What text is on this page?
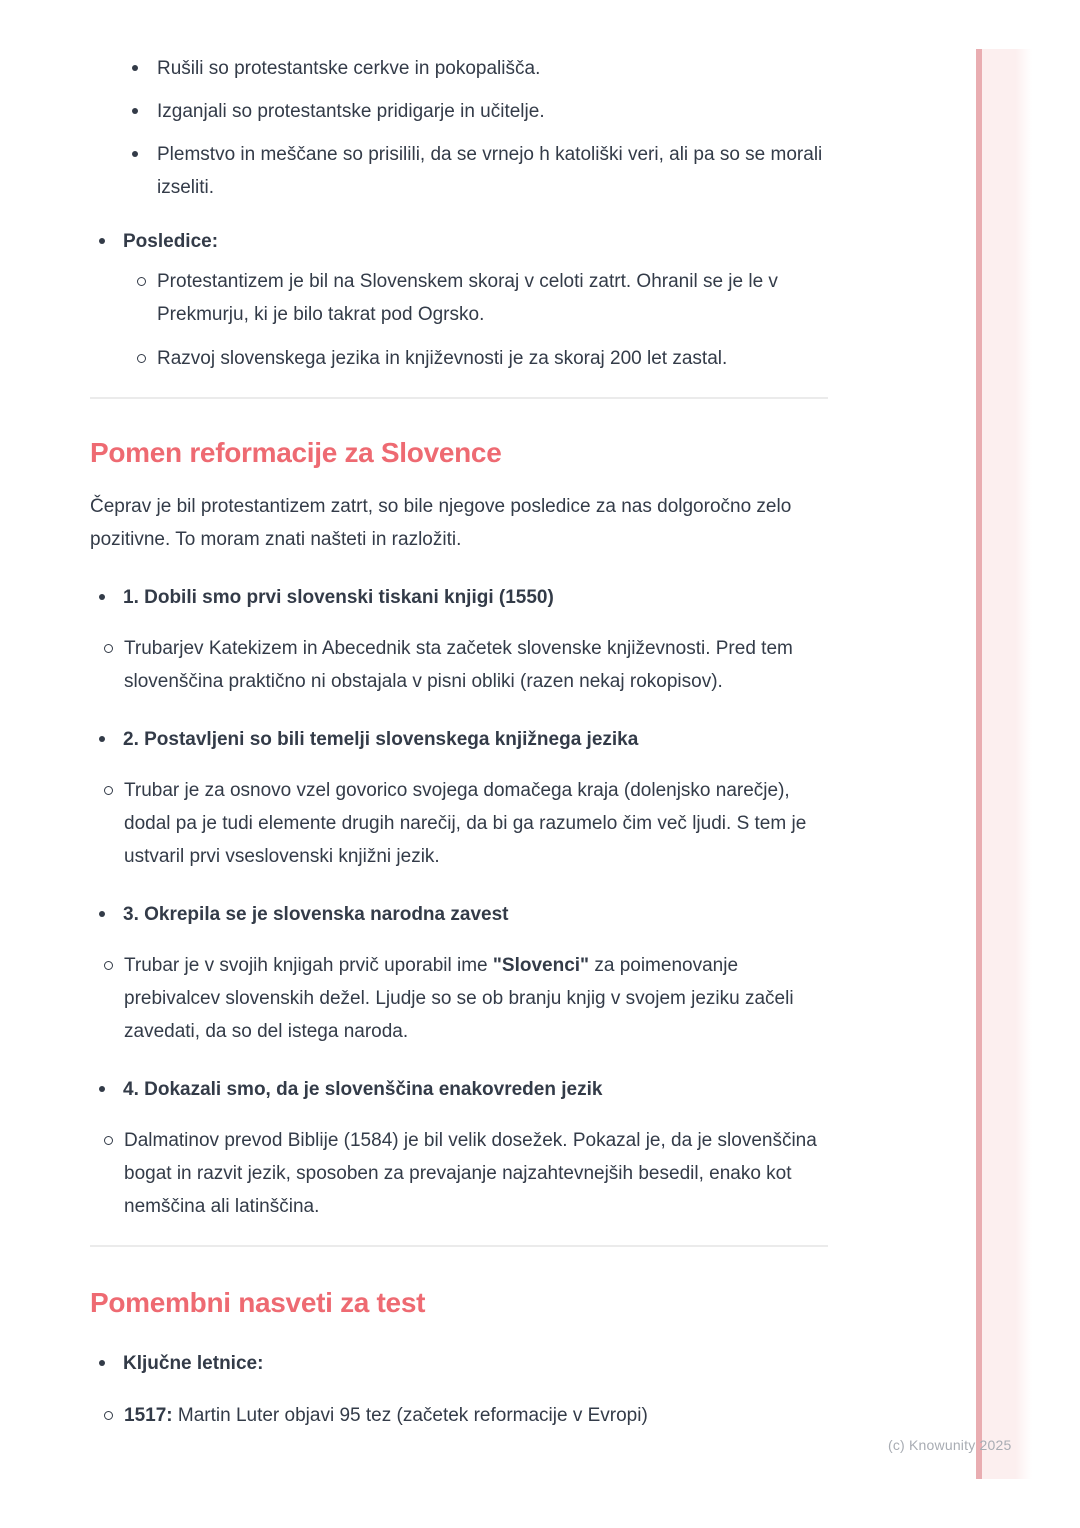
(c) Knowunity 2025
Rušili so protestantske cerkve in pokopališča.
Izganjali so protestantske pridigarje in učitelje.
Plemstvo in meščane so prisilili, da se vrnejo h katoliški veri, ali pa so se morali izseliti.
Posledice:
Protestantizem je bil na Slovenskem skoraj v celoti zatrt. Ohranil se je le v Prekmurju, ki je bilo takrat pod Ogrsko.
Razvoj slovenskega jezika in književnosti je za skoraj 200 let zastal.
Pomen reformacije za Slovence

Čeprav je bil protestantizem zatrt, so bile njegove posledice za nas dolgoročno zelo pozitivne. To moram znati našteti in razložiti.

1. Dobili smo prvi slovenski tiskani knjigi (1550)
Trubarjev Katekizem in Abecednik sta začetek slovenske književnosti. Pred tem slovenščina praktično ni obstajala v pisni obliki (razen nekaj rokopisov).
2. Postavljeni so bili temelji slovenskega knjižnega jezika
Trubar je za osnovo vzel govorico svojega domačega kraja (dolenjsko narečje), dodal pa je tudi elemente drugih narečij, da bi ga razumelo čim več ljudi. S tem je ustvaril prvi vseslovenski knjižni jezik.
3. Okrepila se je slovenska narodna zavest
Trubar je v svojih knjigah prvič uporabil ime "Slovenci" za poimenovanje prebivalcev slovenskih dežel. Ljudje so se ob branju knjig v svojem jeziku začeli zavedati, da so del istega naroda.
4. Dokazali smo, da je slovenščina enakovreden jezik
Dalmatinov prevod Biblije (1584) je bil velik dosežek. Pokazal je, da je slovenščina bogat in razvit jezik, sposoben za prevajanje najzahtevnejših besedil, enako kot nemščina ali latinščina.
Pomembni nasveti za test
Ključne letnice:
1517: Martin Luter objavi 95 tez (začetek reformacije v Evropi)
